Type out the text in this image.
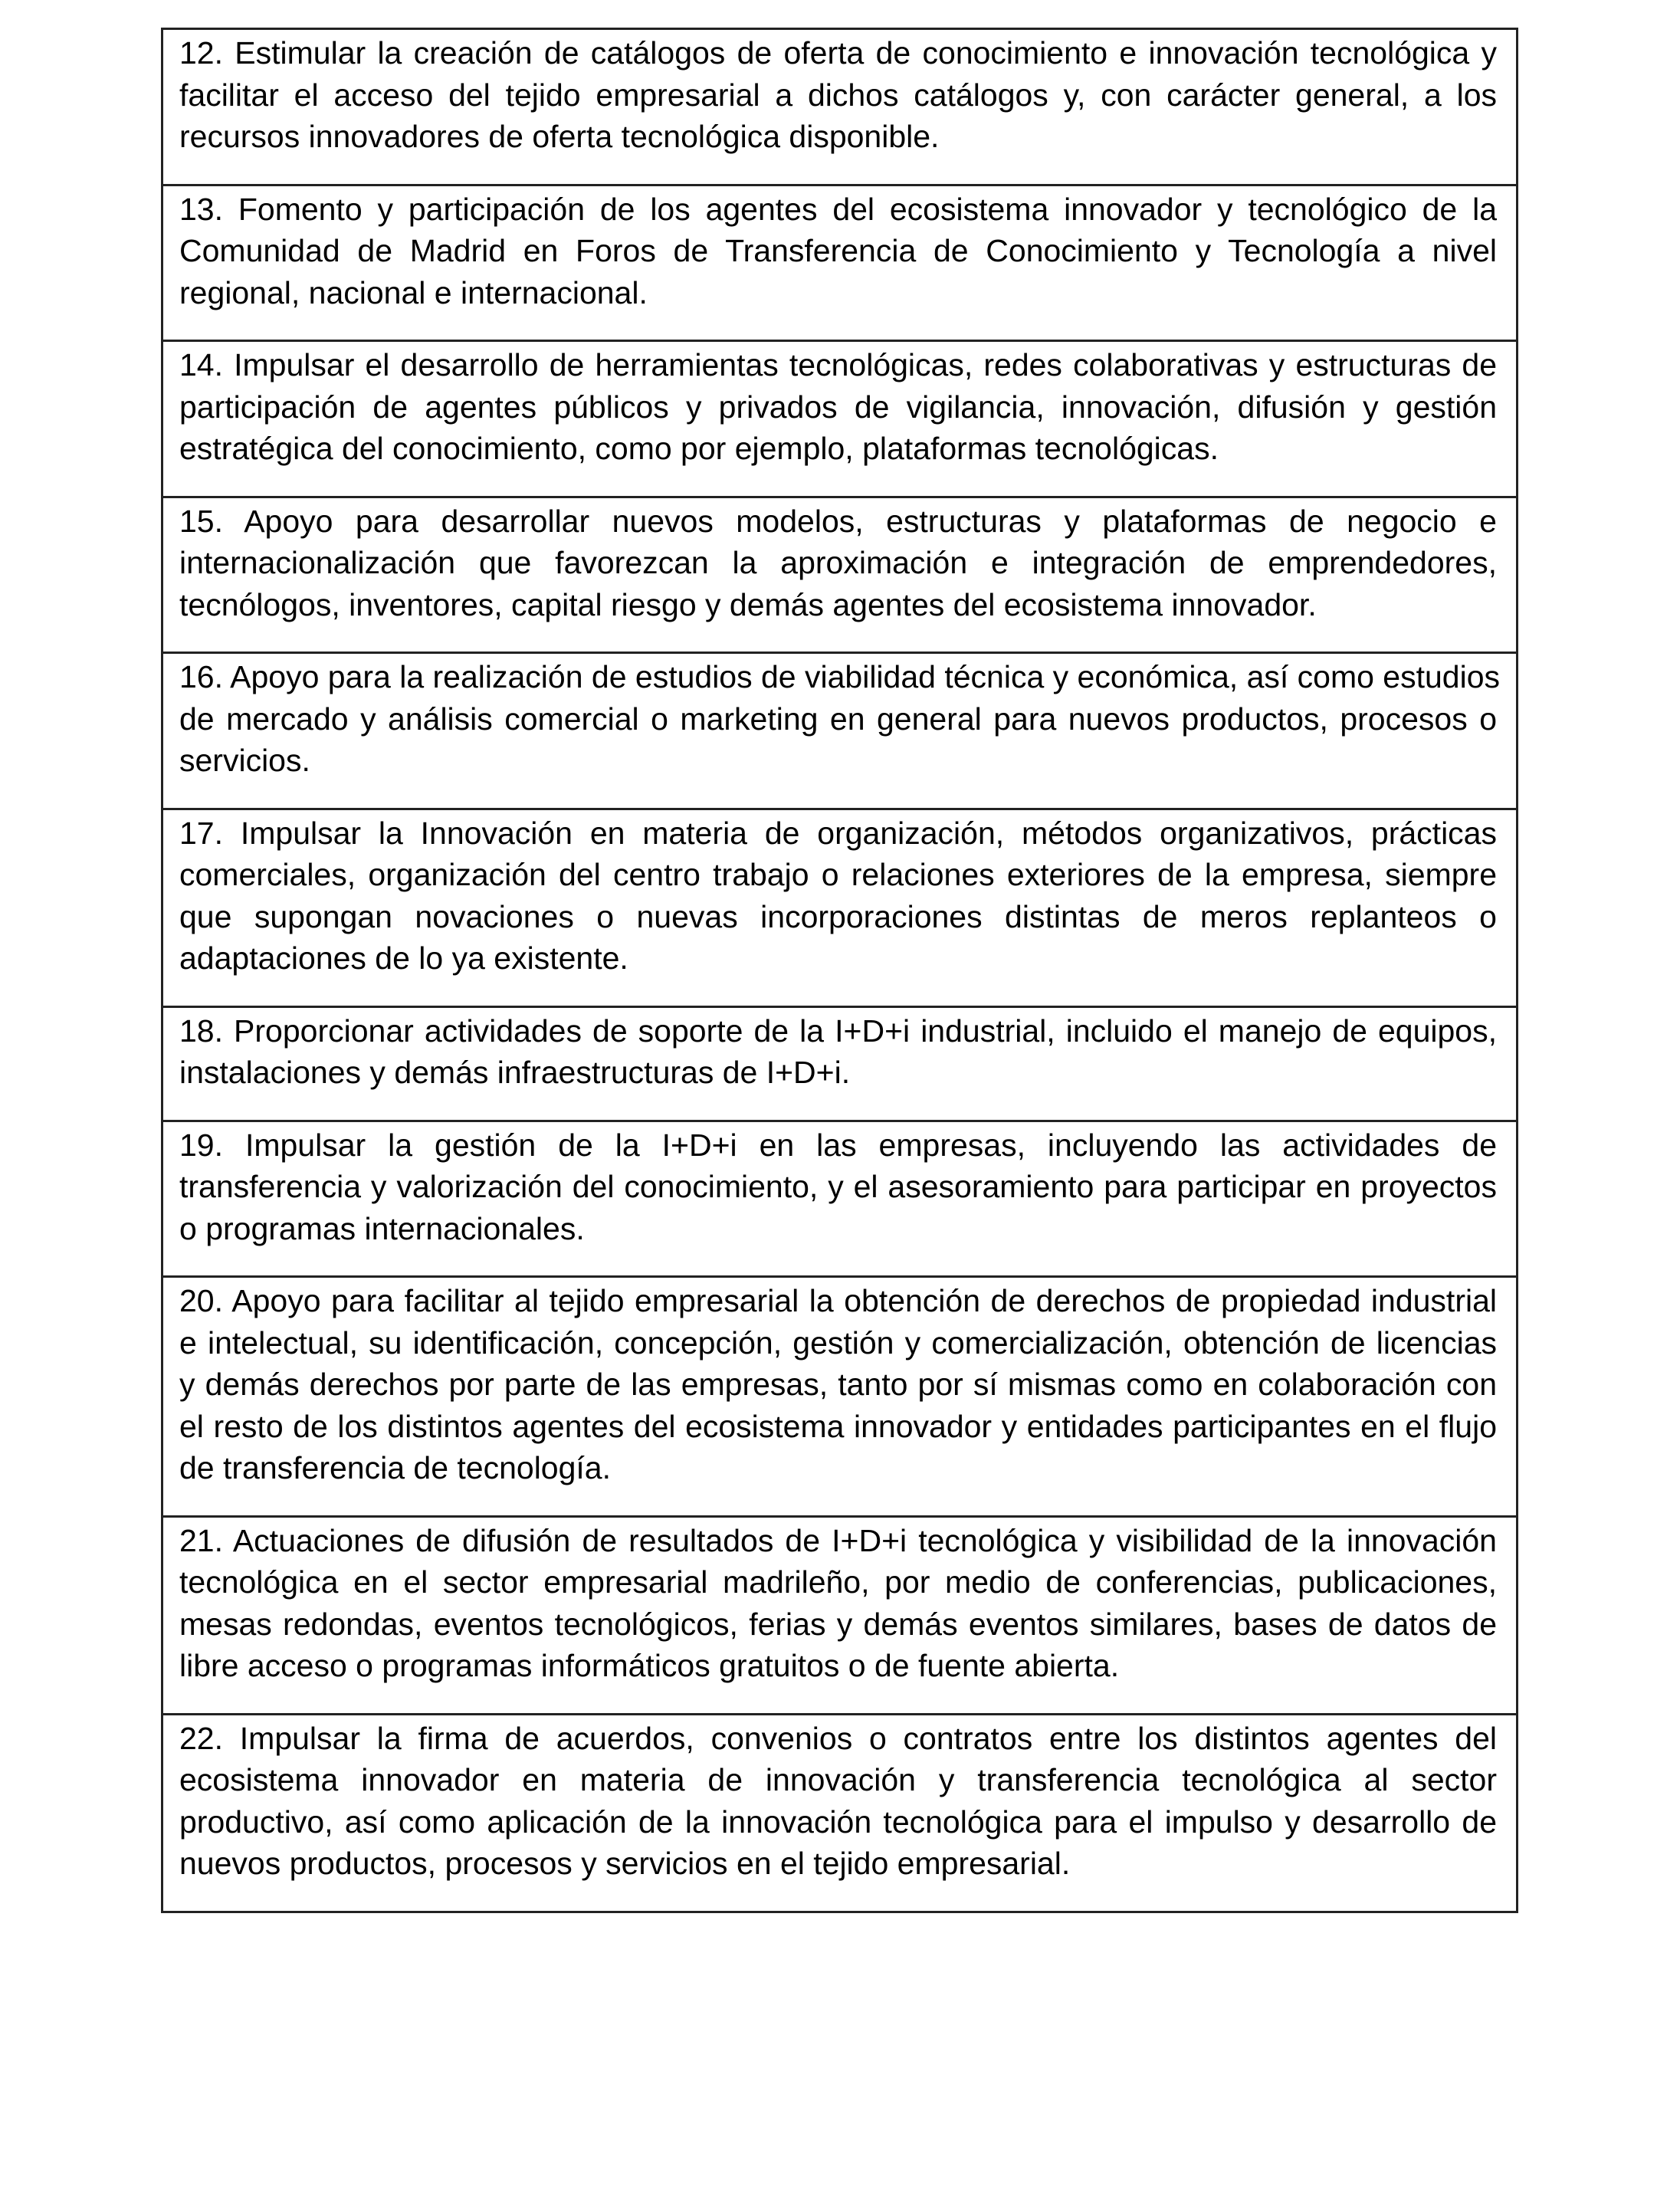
12. Estimular la creación de catálogos de oferta de conocimiento e innovación tecnológica y
facilitar el acceso del tejido empresarial a dichos catálogos y, con carácter general, a los
recursos innovadores de oferta tecnológica disponible.
13. Fomento y participación de los agentes del ecosistema innovador y tecnológico de la
Comunidad de Madrid en Foros de Transferencia de Conocimiento y Tecnología a nivel
regional, nacional e internacional.
14. Impulsar el desarrollo de herramientas tecnológicas, redes colaborativas y estructuras de
participación de agentes públicos y privados de vigilancia, innovación, difusión y gestión
estratégica del conocimiento, como por ejemplo, plataformas tecnológicas.
15. Apoyo para desarrollar nuevos modelos, estructuras y plataformas de negocio e
internacionalización que favorezcan la aproximación e integración de emprendedores,
tecnólogos, inventores, capital riesgo y demás agentes del ecosistema innovador.
16. Apoyo para la realización de estudios de viabilidad técnica y económica, así como estudios
de mercado y análisis comercial o marketing en general para nuevos productos, procesos o
servicios.
17. Impulsar la Innovación en materia de organización, métodos organizativos, prácticas
comerciales, organización del centro trabajo o relaciones exteriores de la empresa, siempre
que supongan novaciones o nuevas incorporaciones distintas de meros replanteos o
adaptaciones de lo ya existente.
18. Proporcionar actividades de soporte de la I+D+i industrial, incluido el manejo de equipos,
instalaciones y demás infraestructuras de I+D+i.
19. Impulsar la gestión de la I+D+i en las empresas, incluyendo las actividades de
transferencia y valorización del conocimiento, y el asesoramiento para participar en proyectos
o programas internacionales.
20. Apoyo para facilitar al tejido empresarial la obtención de derechos de propiedad industrial
e intelectual, su identificación, concepción, gestión y comercialización, obtención de licencias
y demás derechos por parte de las empresas, tanto por sí mismas como en colaboración con
el resto de los distintos agentes del ecosistema innovador y entidades participantes en el flujo
de transferencia de tecnología.
21. Actuaciones de difusión de resultados de I+D+i tecnológica y visibilidad de la innovación
tecnológica en el sector empresarial madrileño, por medio de conferencias, publicaciones,
mesas redondas, eventos tecnológicos, ferias y demás eventos similares, bases de datos de
libre acceso o programas informáticos gratuitos o de fuente abierta.
22. Impulsar la firma de acuerdos, convenios o contratos entre los distintos agentes del
ecosistema innovador en materia de innovación y transferencia tecnológica al sector
productivo, así como aplicación de la innovación tecnológica para el impulso y desarrollo de
nuevos productos, procesos y servicios en el tejido empresarial.
